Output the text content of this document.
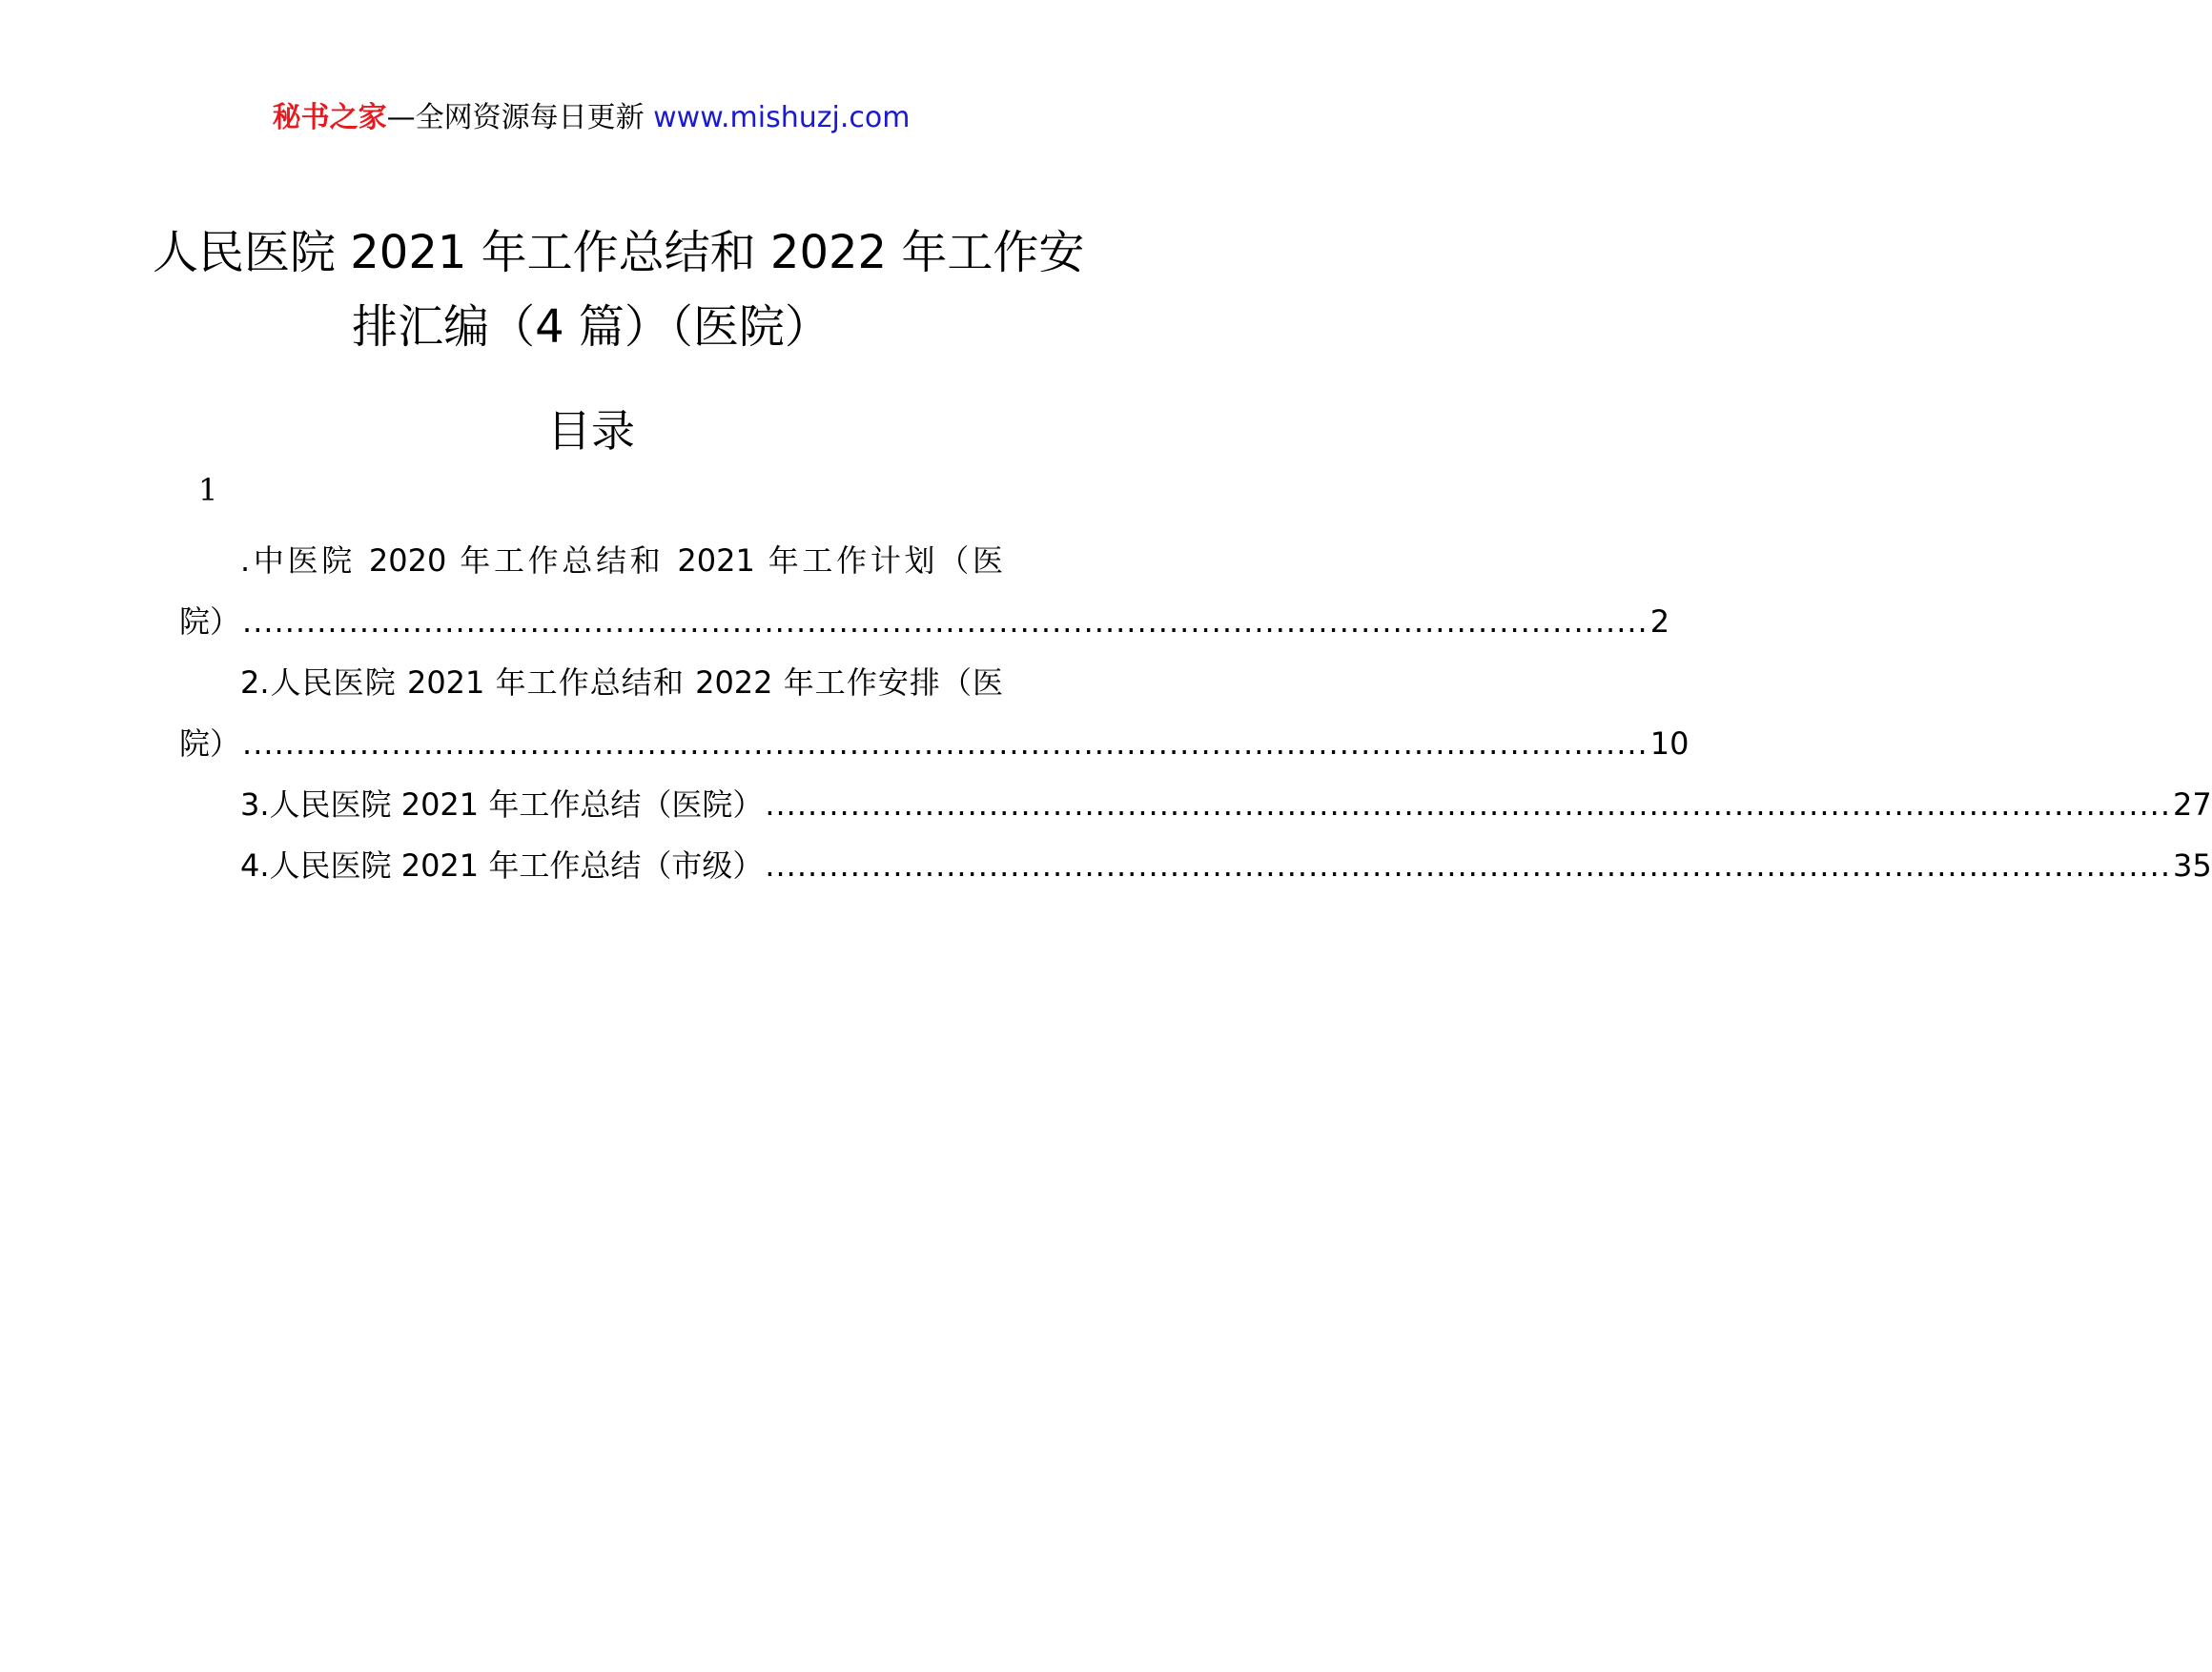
秘书之家—全网资源每日更新 www.mishuzj.com
人民医院 2021 年工作总结和 2022 年工作安
排汇编（4 篇）（医院）
目录
1
.中医院 2020 年工作总结和 2021 年工作计划（医
院） .................................................................................................................................... 2
2.人民医院 2021 年工作总结和 2022 年工作安排（医
院） .................................................................................................................................... 10
3.人民医院 2021 年工作总结（医院） .................................................................................................................................... 27
4.人民医院 2021 年工作总结（市级） .................................................................................................................................... 35
